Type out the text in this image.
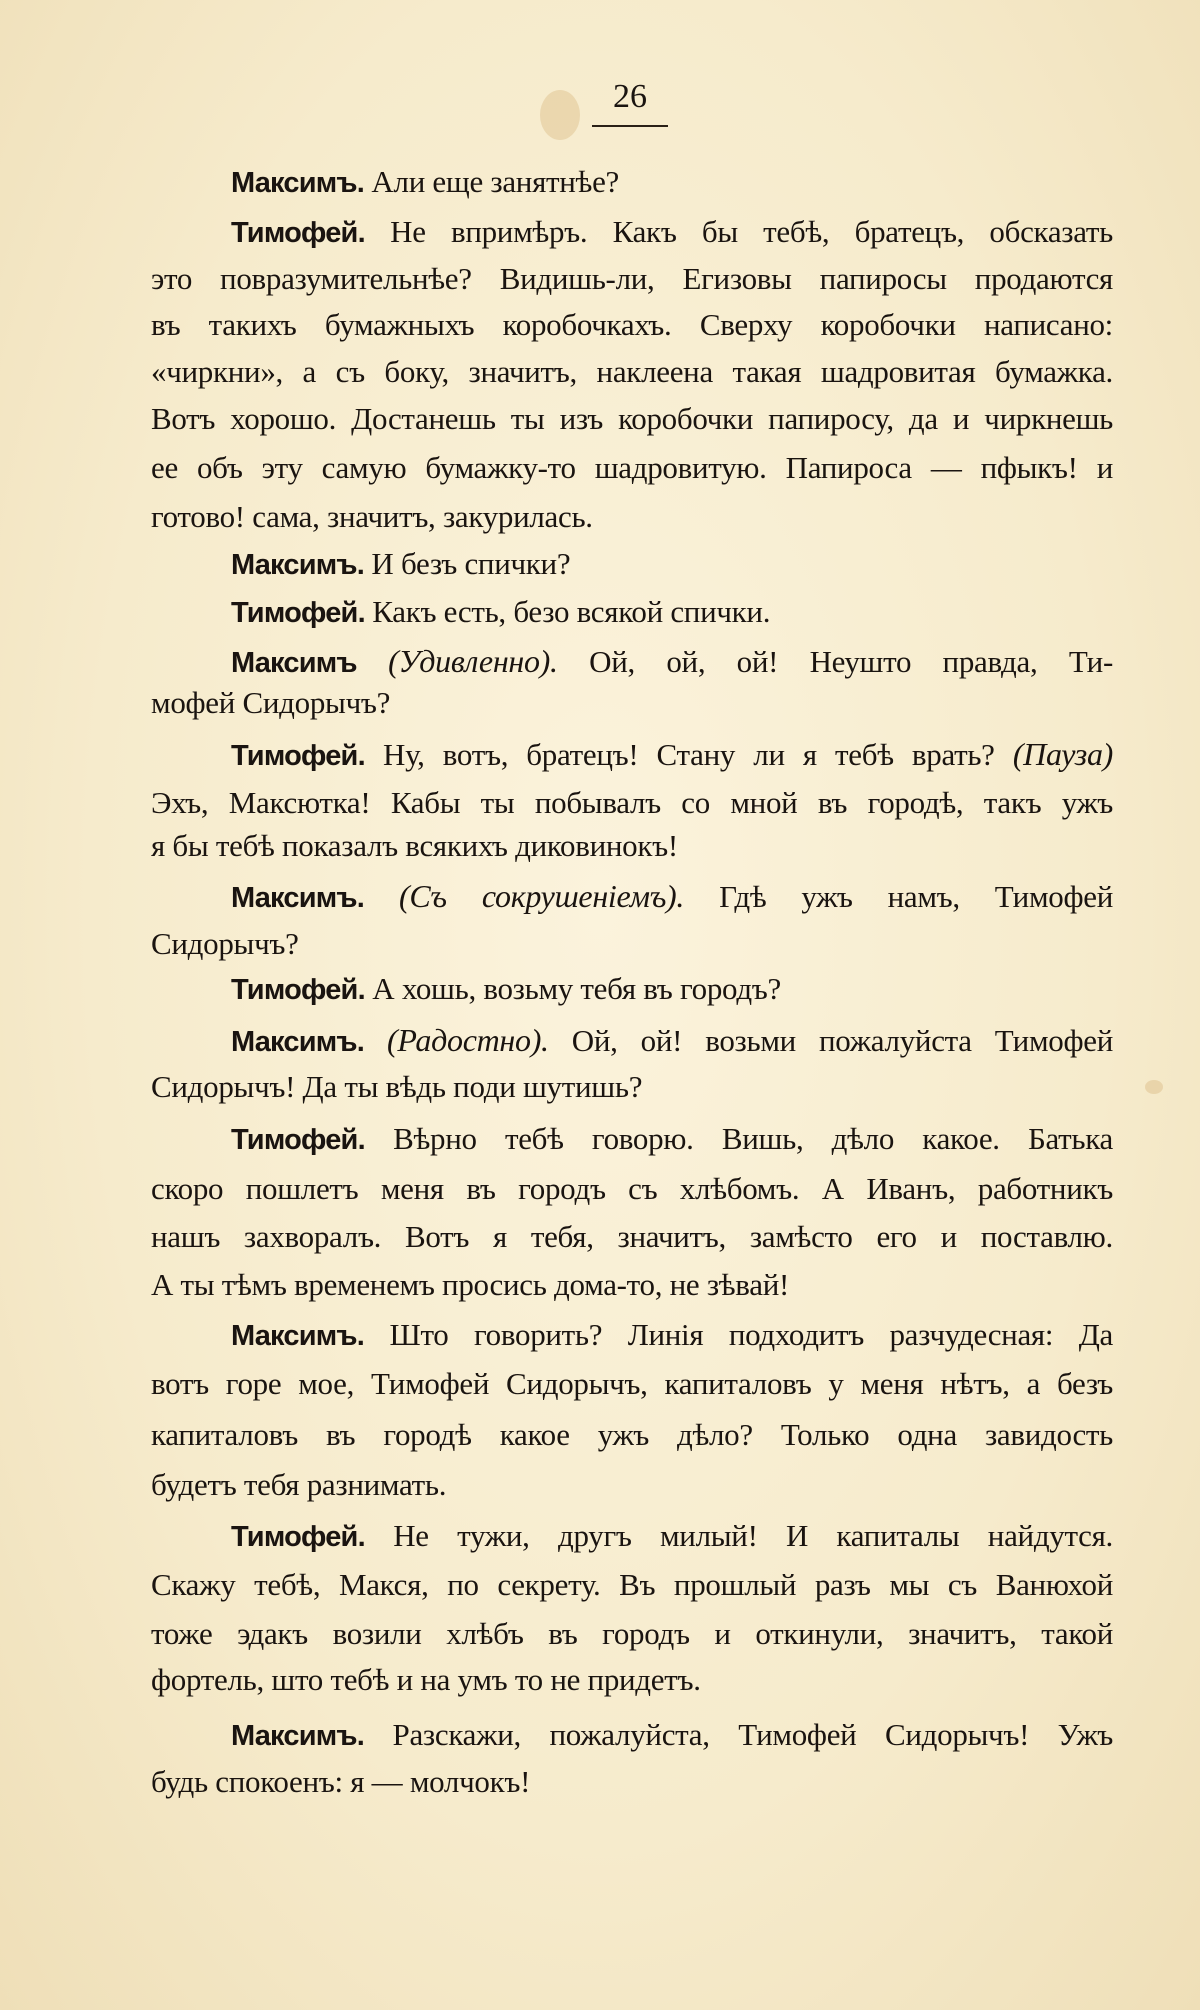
26
Максимъ. Али еще занятнѣе?
Тимофей. Не впримѣръ. Какъ бы тебѣ, братецъ, обсказать
это повразумительнѣе? Видишь-ли, Егизовы папиросы продаются
въ такихъ бумажныхъ коробочкахъ. Сверху коробочки написано:
«чиркни», а съ боку, значитъ, наклеена такая шадровитая бумажка.
Вотъ хорошо. Достанешь ты изъ коробочки папиросу, да и чиркнешь
ее объ эту самую бумажку-то шадровитую. Папироса — пфыкъ! и
готово! сама, значитъ, закурилась.
Максимъ. И безъ спички?
Тимофей. Какъ есть, безо всякой спички.
Максимъ (Удивленно). Ой, ой, ой! Неушто правда, Ти-
мофей Сидорычъ?
Тимофей. Ну, вотъ, братецъ! Стану ли я тебѣ врать? (Пауза)
Эхъ, Максютка! Кабы ты побывалъ со мной въ городѣ, такъ ужъ
я бы тебѣ показалъ всякихъ диковинокъ!
Максимъ. (Съ сокрушенiемъ). Гдѣ ужъ намъ, Тимофей
Сидорычъ?
Тимофей. А хошь, возьму тебя въ городъ?
Максимъ. (Радостно). Ой, ой! возьми пожалуйста Тимофей
Сидорычъ! Да ты вѣдь поди шутишь?
Тимофей. Вѣрно тебѣ говорю. Вишь, дѣло какое. Батька
скоро пошлетъ меня въ городъ съ хлѣбомъ. А Иванъ, работникъ
нашъ захворалъ. Вотъ я тебя, значитъ, замѣсто его и поставлю.
А ты тѣмъ временемъ просись дома-то, не зѣвай!
Максимъ. Што говорить? Линія подходитъ разчудесная: Да
вотъ горе мое, Тимофей Сидорычъ, капиталовъ у меня нѣтъ, а безъ
капиталовъ въ городѣ какое ужъ дѣло? Только одна завидость
будетъ тебя разнимать.
Тимофей. Не тужи, другъ милый! И капиталы найдутся.
Скажу тебѣ, Макся, по секрету. Въ прошлый разъ мы съ Ванюхой
тоже эдакъ возили хлѣбъ въ городъ и откинули, значитъ, такой
фортель, што тебѣ и на умъ то не придетъ.
Максимъ. Разскажи, пожалуйста, Тимофей Сидорычъ! Ужъ
будь спокоенъ: я — молчокъ!
